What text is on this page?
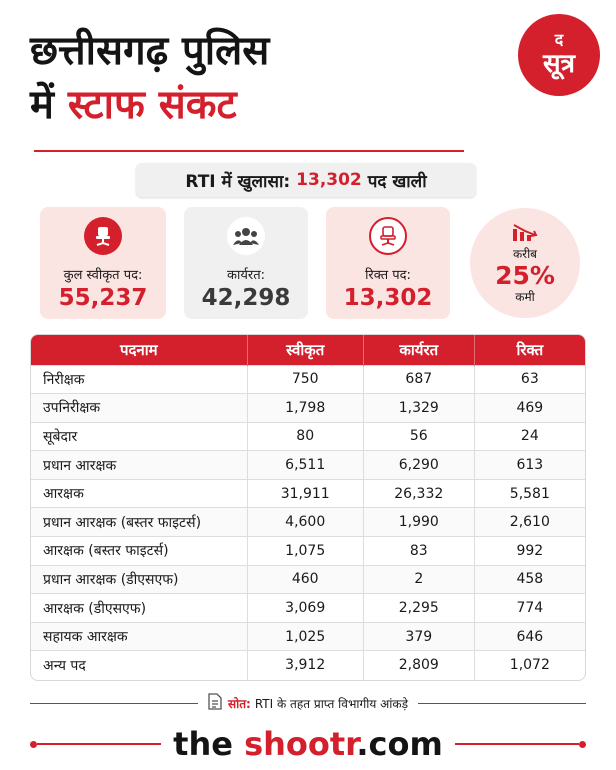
छत्तीसगढ़ पुलिस
में स्टाफ संकट
द
सूत्र
RTI में खुलासा: 13,302 पद खाली
कुल स्वीकृत पद:
55,237
कार्यरत:
42,298
रिक्त पद:
13,302
करीब
25%
कमी
पदनाम	स्वीकृत	कार्यरत	रिक्त
निरीक्षक	750	687	63
उपनिरीक्षक	1,798	1,329	469
सूबेदार	80	56	24
प्रधान आरक्षक	6,511	6,290	613
आरक्षक	31,911	26,332	5,581
प्रधान आरक्षक (बस्तर फाइटर्स)	4,600	1,990	2,610
आरक्षक (बस्तर फाइटर्स)	1,075	83	992
प्रधान आरक्षक (डीएसएफ)	460	2	458
आरक्षक (डीएसएफ)	3,069	2,295	774
सहायक आरक्षक	1,025	379	646
अन्य पद	3,912	2,809	1,072
सोत: RTI के तहत प्राप्त विभागीय आंकड़े
the shootr.com
